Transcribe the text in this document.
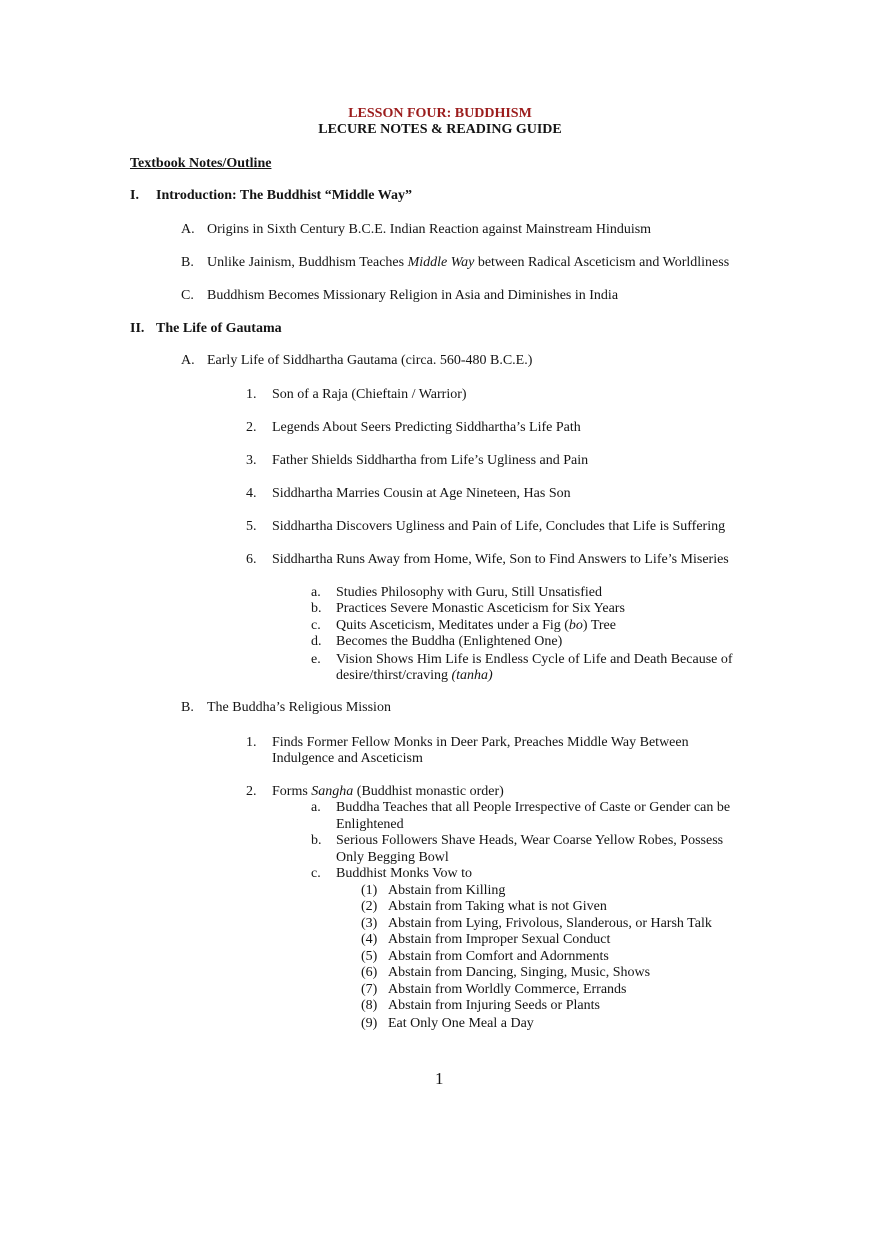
LESSON FOUR: BUDDHISM
LECURE NOTES & READING GUIDE
Textbook Notes/Outline
I. Introduction: The Buddhist “Middle Way”
A. Origins in Sixth Century B.C.E. Indian Reaction against Mainstream Hinduism
B. Unlike Jainism, Buddhism Teaches Middle Way between Radical Asceticism and Worldliness
C. Buddhism Becomes Missionary Religion in Asia and Diminishes in India
II. The Life of Gautama
A. Early Life of Siddhartha Gautama (circa. 560-480 B.C.E.)
1. Son of a Raja (Chieftain / Warrior)
2. Legends About Seers Predicting Siddhartha’s Life Path
3. Father Shields Siddhartha from Life’s Ugliness and Pain
4. Siddhartha Marries Cousin at Age Nineteen, Has Son
5. Siddhartha Discovers Ugliness and Pain of Life, Concludes that Life is Suffering
6. Siddhartha Runs Away from Home, Wife, Son to Find Answers to Life’s Miseries
a. Studies Philosophy with Guru, Still Unsatisfied
b. Practices Severe Monastic Asceticism for Six Years
c. Quits Asceticism, Meditates under a Fig (bo) Tree
d. Becomes the Buddha (Enlightened One)
e. Vision Shows Him Life is Endless Cycle of Life and Death Because of
desire/thirst/craving (tanha)
B. The Buddha’s Religious Mission
1. Finds Former Fellow Monks in Deer Park, Preaches Middle Way Between
Indulgence and Asceticism
2. Forms Sangha (Buddhist monastic order)
a. Buddha Teaches that all People Irrespective of Caste or Gender can be
Enlightened
b. Serious Followers Shave Heads, Wear Coarse Yellow Robes, Possess
Only Begging Bowl
c. Buddhist Monks Vow to
(1) Abstain from Killing
(2) Abstain from Taking what is not Given
(3) Abstain from Lying, Frivolous, Slanderous, or Harsh Talk
(4) Abstain from Improper Sexual Conduct
(5) Abstain from Comfort and Adornments
(6) Abstain from Dancing, Singing, Music, Shows
(7) Abstain from Worldly Commerce, Errands
(8) Abstain from Injuring Seeds or Plants
(9) Eat Only One Meal a Day
1
